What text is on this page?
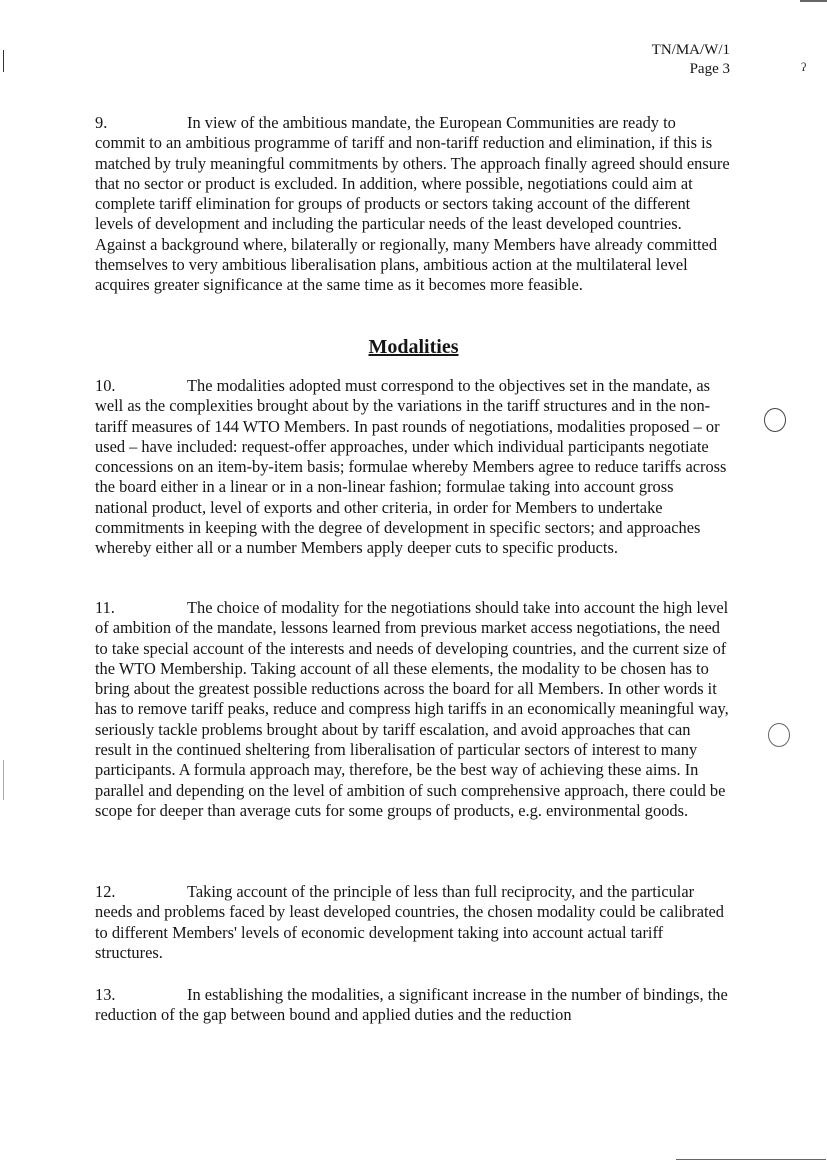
TN/MA/W/1
Page 3	ʔ

9.	In view of the ambitious mandate, the European Communities are ready to commit to an ambitious programme of tariff and non-tariff reduction and elimination, if this is matched by truly meaningful commitments by others. The approach finally agreed should ensure that no sector or product is excluded. In addition, where possible, negotiations could aim at complete tariff elimination for groups of products or sectors taking account of the different levels of development and including the particular needs of the least developed countries. Against a background where, bilaterally or regionally, many Members have already committed themselves to very ambitious liberalisation plans, ambitious action at the multilateral level acquires greater significance at the same time as it becomes more feasible.

Modalities

10.	The modalities adopted must correspond to the objectives set in the mandate, as well as the complexities brought about by the variations in the tariff structures and in the non-tariff measures of 144 WTO Members. In past rounds of negotiations, modalities proposed – or used – have included: request-offer approaches, under which individual participants negotiate concessions on an item-by-item basis; formulae whereby Members agree to reduce tariffs across the board either in a linear or in a non-linear fashion; formulae taking into account gross national product, level of exports and other criteria, in order for Members to undertake commitments in keeping with the degree of development in specific sectors; and approaches whereby either all or a number Members apply deeper cuts to specific products.

11.	The choice of modality for the negotiations should take into account the high level of ambition of the mandate, lessons learned from previous market access negotiations, the need to take special account of the interests and needs of developing countries, and the current size of the WTO Membership. Taking account of all these elements, the modality to be chosen has to bring about the greatest possible reductions across the board for all Members. In other words it has to remove tariff peaks, reduce and compress high tariffs in an economically meaningful way, seriously tackle problems brought about by tariff escalation, and avoid approaches that can result in the continued sheltering from liberalisation of particular sectors of interest to many participants. A formula approach may, therefore, be the best way of achieving these aims. In parallel and depending on the level of ambition of such comprehensive approach, there could be scope for deeper than average cuts for some groups of products, e.g. environmental goods.

12.	Taking account of the principle of less than full reciprocity, and the particular needs and problems faced by least developed countries, the chosen modality could be calibrated to different Members' levels of economic development taking into account actual tariff structures.

13.	In establishing the modalities, a significant increase in the number of bindings, the reduction of the gap between bound and applied duties and the reduction
